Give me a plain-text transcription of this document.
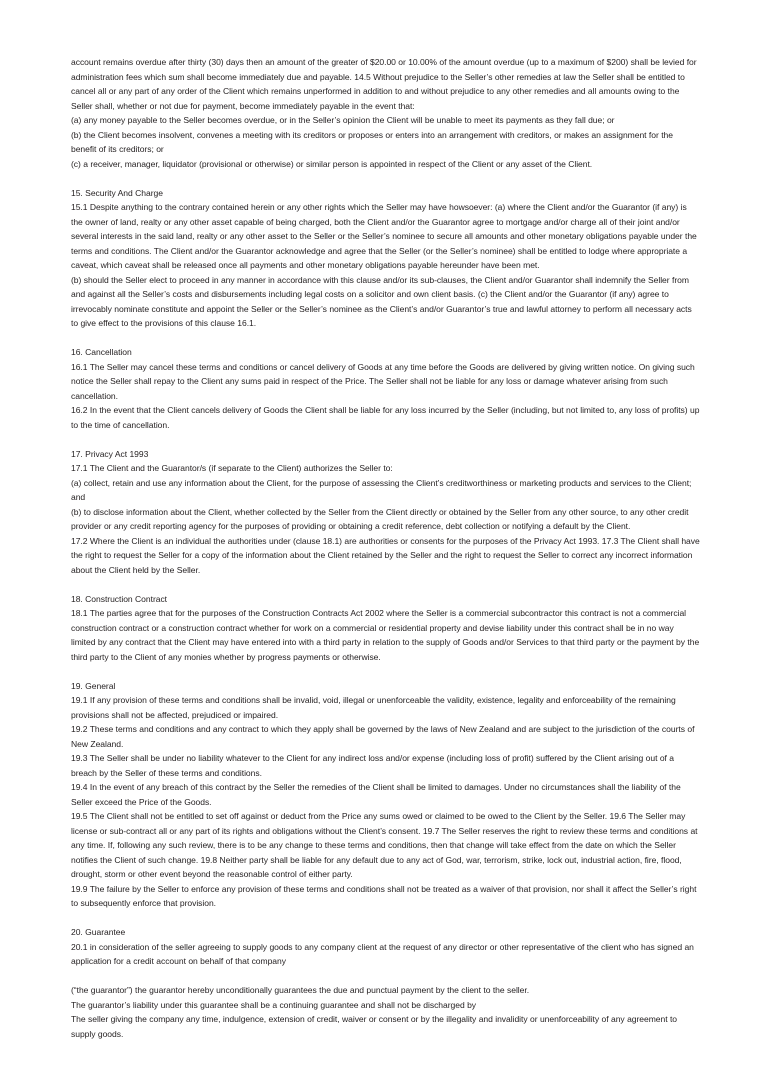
account remains overdue after thirty (30) days then an amount of the greater of $20.00 or 10.00% of the amount overdue (up to a maximum of $200) shall be levied for administration fees which sum shall become immediately due and payable. 14.5 Without prejudice to the Seller’s other remedies at law the Seller shall be entitled to cancel all or any part of any order of the Client which remains unperformed in addition to and without prejudice to any other remedies and all amounts owing to the Seller shall, whether or not due for payment, become immediately payable in the event that:

(a) any money payable to the Seller becomes overdue, or in the Seller’s opinion the Client will be unable to meet its payments as they fall due; or

(b) the Client becomes insolvent, convenes a meeting with its creditors or proposes or enters into an arrangement with creditors, or makes an assignment for the benefit of its creditors; or

(c) a receiver, manager, liquidator (provisional or otherwise) or similar person is appointed in respect of the Client or any asset of the Client.

15. Security And Charge

15.1 Despite anything to the contrary contained herein or any other rights which the Seller may have howsoever: (a) where the Client and/or the Guarantor (if any) is the owner of land, realty or any other asset capable of being charged, both the Client and/or the Guarantor agree to mortgage and/or charge all of their joint and/or several interests in the said land, realty or any other asset to the Seller or the Seller’s nominee to secure all amounts and other monetary obligations payable under the terms and conditions. The Client and/or the Guarantor acknowledge and agree that the Seller (or the Seller’s nominee) shall be entitled to lodge where appropriate a caveat, which caveat shall be released once all payments and other monetary obligations payable hereunder have been met.

(b) should the Seller elect to proceed in any manner in accordance with this clause and/or its sub-clauses, the Client and/or Guarantor shall indemnify the Seller from and against all the Seller’s costs and disbursements including legal costs on a solicitor and own client basis. (c) the Client and/or the Guarantor (if any) agree to irrevocably nominate constitute and appoint the Seller or the Seller’s nominee as the Client’s and/or Guarantor’s true and lawful attorney to perform all necessary acts to give effect to the provisions of this clause 16.1.

16. Cancellation

16.1 The Seller may cancel these terms and conditions or cancel delivery of Goods at any time before the Goods are delivered by giving written notice. On giving such notice the Seller shall repay to the Client any sums paid in respect of the Price. The Seller shall not be liable for any loss or damage whatever arising from such cancellation.

16.2 In the event that the Client cancels delivery of Goods the Client shall be liable for any loss incurred by the Seller (including, but not limited to, any loss of profits) up to the time of cancellation.

17. Privacy Act 1993

17.1 The Client and the Guarantor/s (if separate to the Client) authorizes the Seller to:

(a) collect, retain and use any information about the Client, for the purpose of assessing the Client’s creditworthiness or marketing products and services to the Client; and

(b) to disclose information about the Client, whether collected by the Seller from the Client directly or obtained by the Seller from any other source, to any other credit provider or any credit reporting agency for the purposes of providing or obtaining a credit reference, debt collection or notifying a default by the Client.

17.2 Where the Client is an individual the authorities under (clause 18.1) are authorities or consents for the purposes of the Privacy Act 1993. 17.3 The Client shall have the right to request the Seller for a copy of the information about the Client retained by the Seller and the right to request the Seller to correct any incorrect information about the Client held by the Seller.

18. Construction Contract

18.1 The parties agree that for the purposes of the Construction Contracts Act 2002 where the Seller is a commercial subcontractor this contract is not a commercial construction contract or a construction contract whether for work on a commercial or residential property and devise liability under this contract shall be in no way limited by any contract that the Client may have entered into with a third party in relation to the supply of Goods and/or Services to that third party or the payment by the third party to the Client of any monies whether by progress payments or otherwise.

19. General

19.1 If any provision of these terms and conditions shall be invalid, void, illegal or unenforceable the validity, existence, legality and enforceability of the remaining provisions shall not be affected, prejudiced or impaired.

19.2 These terms and conditions and any contract to which they apply shall be governed by the laws of New Zealand and are subject to the jurisdiction of the courts of New Zealand.

19.3 The Seller shall be under no liability whatever to the Client for any indirect loss and/or expense (including loss of profit) suffered by the Client arising out of a breach by the Seller of these terms and conditions.

19.4 In the event of any breach of this contract by the Seller the remedies of the Client shall be limited to damages. Under no circumstances shall the liability of the Seller exceed the Price of the Goods.

19.5 The Client shall not be entitled to set off against or deduct from the Price any sums owed or claimed to be owed to the Client by the Seller. 19.6 The Seller may license or sub-contract all or any part of its rights and obligations without the Client’s consent. 19.7 The Seller reserves the right to review these terms and conditions at any time. If, following any such review, there is to be any change to these terms and conditions, then that change will take effect from the date on which the Seller notifies the Client of such change. 19.8 Neither party shall be liable for any default due to any act of God, war, terrorism, strike, lock out, industrial action, fire, flood, drought, storm or other event beyond the reasonable control of either party.

19.9 The failure by the Seller to enforce any provision of these terms and conditions shall not be treated as a waiver of that provision, nor shall it affect the Seller’s right to subsequently enforce that provision.

20. Guarantee

20.1 in consideration of the seller agreeing to supply goods to any company client at the request of any director or other representative of the client who has signed an application for a credit account on behalf of that company

(“the guarantor”) the guarantor hereby unconditionally guarantees the due and punctual payment by the client to the seller.

The guarantor’s liability under this guarantee shall be a continuing guarantee and shall not be discharged by

The seller giving the company any time, indulgence, extension of credit, waiver or consent or by the illegality and invalidity or unenforceability of any agreement to supply goods.
